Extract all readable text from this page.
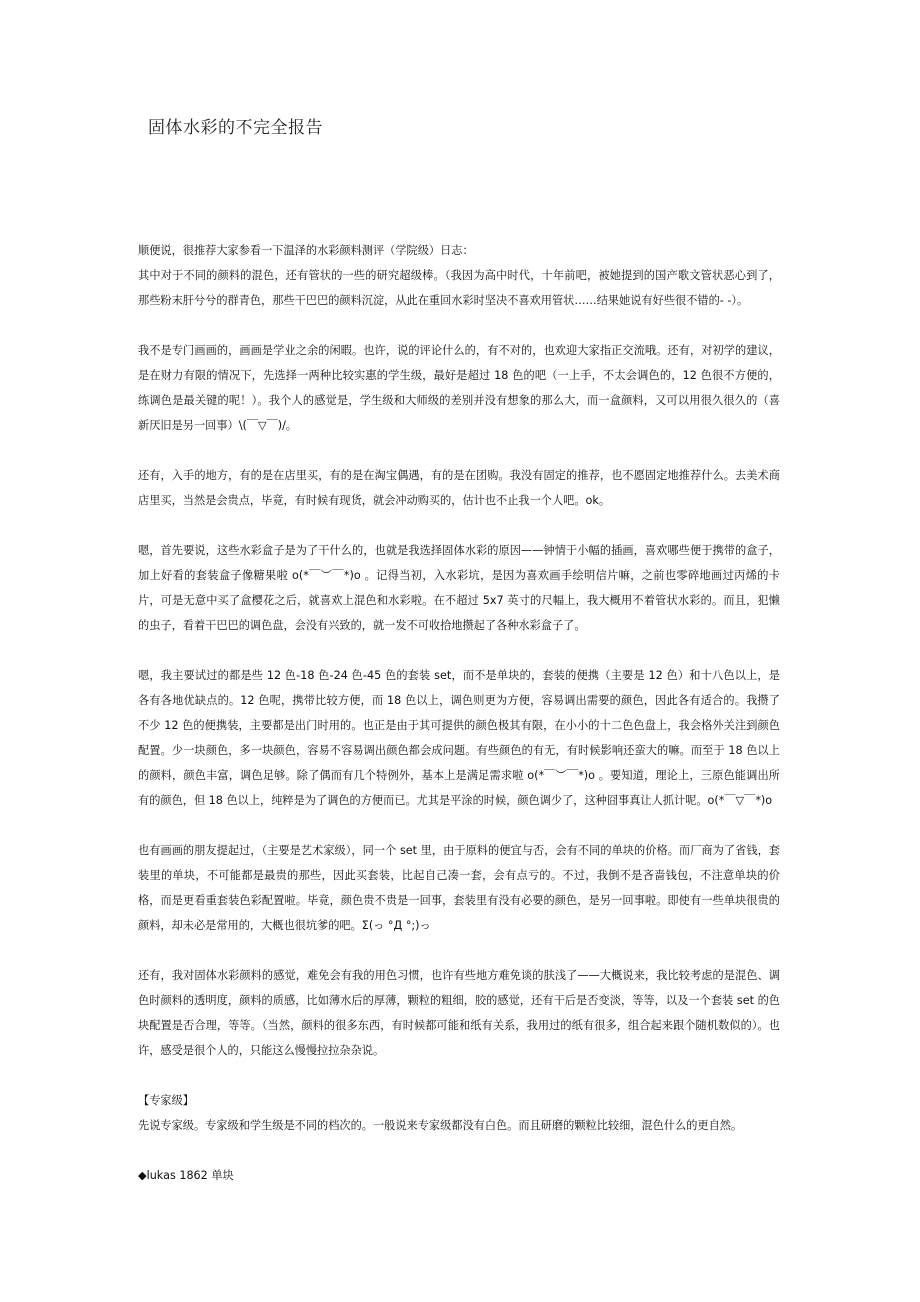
固体水彩的不完全报告

顺便说，很推荐大家参看一下温泽的水彩颜料测评（学院级）日志：

其中对于不同的颜料的混色，还有管状的一些的研究超级棒。（我因为高中时代，十年前吧，被她提到的国产歌文管状恶心到了，那些粉末肝兮兮的群青色，那些干巴巴的颜料沉淀，从此在重回水彩时坚决不喜欢用管状……结果她说有好些很不错的- -）。

我不是专门画画的，画画是学业之余的闲暇。也许，说的评论什么的，有不对的，也欢迎大家指正交流哦。还有，对初学的建议，是在财力有限的情况下，先选择一两种比较实惠的学生级，最好是超过 18 色的吧（一上手，不太会调色的，12 色很不方便的，练调色是最关键的呢！）。我个人的感觉是，学生级和大师级的差别并没有想象的那么大，而一盒颜料，又可以用很久很久的（喜新厌旧是另一回事）\(￣▽￣)/。

还有，入手的地方，有的是在店里买，有的是在淘宝偶遇，有的是在团购。我没有固定的推荐，也不愿固定地推荐什么。去美术商店里买，当然是会贵点，毕竟，有时候有现货，就会冲动购买的，估计也不止我一个人吧。ok。

嗯，首先要说，这些水彩盒子是为了干什么的，也就是我选择固体水彩的原因——钟情于小幅的插画，喜欢哪些便于携带的盒子，加上好看的套装盒子像糖果啦 o(*￣︶￣*)o 。记得当初，入水彩坑，是因为喜欢画手绘明信片嘛，之前也零碎地画过丙烯的卡片，可是无意中买了盒樱花之后，就喜欢上混色和水彩啦。在不超过 5x7 英寸的尺幅上，我大概用不着管状水彩的。而且，犯懒的虫子，看着干巴巴的调色盘，会没有兴致的，就一发不可收拾地攒起了各种水彩盒子了。

嗯，我主要试过的都是些 12 色-18 色-24 色-45 色的套装 set，而不是单块的，套装的便携（主要是 12 色）和十八色以上，是各有各地优缺点的。12 色呢，携带比较方便，而 18 色以上，调色则更为方便，容易调出需要的颜色，因此各有适合的。我攒了不少 12 色的便携装，主要都是出门时用的。也正是由于其可提供的颜色极其有限，在小小的十二色色盘上，我会格外关注到颜色配置。少一块颜色，多一块颜色，容易不容易调出颜色都会成问题。有些颜色的有无，有时候影响还蛮大的嘛。而至于 18 色以上的颜料，颜色丰富，调色足够。除了偶而有几个特例外，基本上是满足需求啦 o(*￣︶￣*)o 。要知道，理论上，三原色能调出所有的颜色，但 18 色以上，纯粹是为了调色的方便而已。尤其是平涂的时候，颜色调少了，这种囧事真让人抓计呢。o(*￣▽￣*)o

也有画画的朋友提起过，（主要是艺术家级），同一个 set 里，由于原料的便宜与否，会有不同的单块的价格。而厂商为了省钱，套装里的单块，不可能都是最贵的那些，因此买套装，比起自己凑一套，会有点亏的。不过，我倒不是吝啬钱包，不注意单块的价格，而是更看重套装色彩配置啦。毕竟，颜色贵不贵是一回事，套装里有没有必要的颜色，是另一回事啦。即使有一些单块很贵的颜料，却未必是常用的，大概也很坑爹的吧。Σ(っ °Д °;)っ

还有，我对固体水彩颜料的感觉，难免会有我的用色习惯，也许有些地方难免谈的肤浅了——大概说来，我比较考虑的是混色、调色时颜料的透明度，颜料的质感，比如薄水后的厚薄，颗粒的粗细，胶的感觉，还有干后是否变淡，等等，以及一个套装 set 的色块配置是否合理，等等。（当然，颜料的很多东西，有时候都可能和纸有关系，我用过的纸有很多，组合起来跟个随机数似的）。也许，感受是很个人的，只能这么慢慢拉拉杂杂说。

【专家级】

先说专家级。专家级和学生级是不同的档次的。一般说来专家级都没有白色。而且研磨的颗粒比较细，混色什么的更自然。

◆lukas 1862 单块
